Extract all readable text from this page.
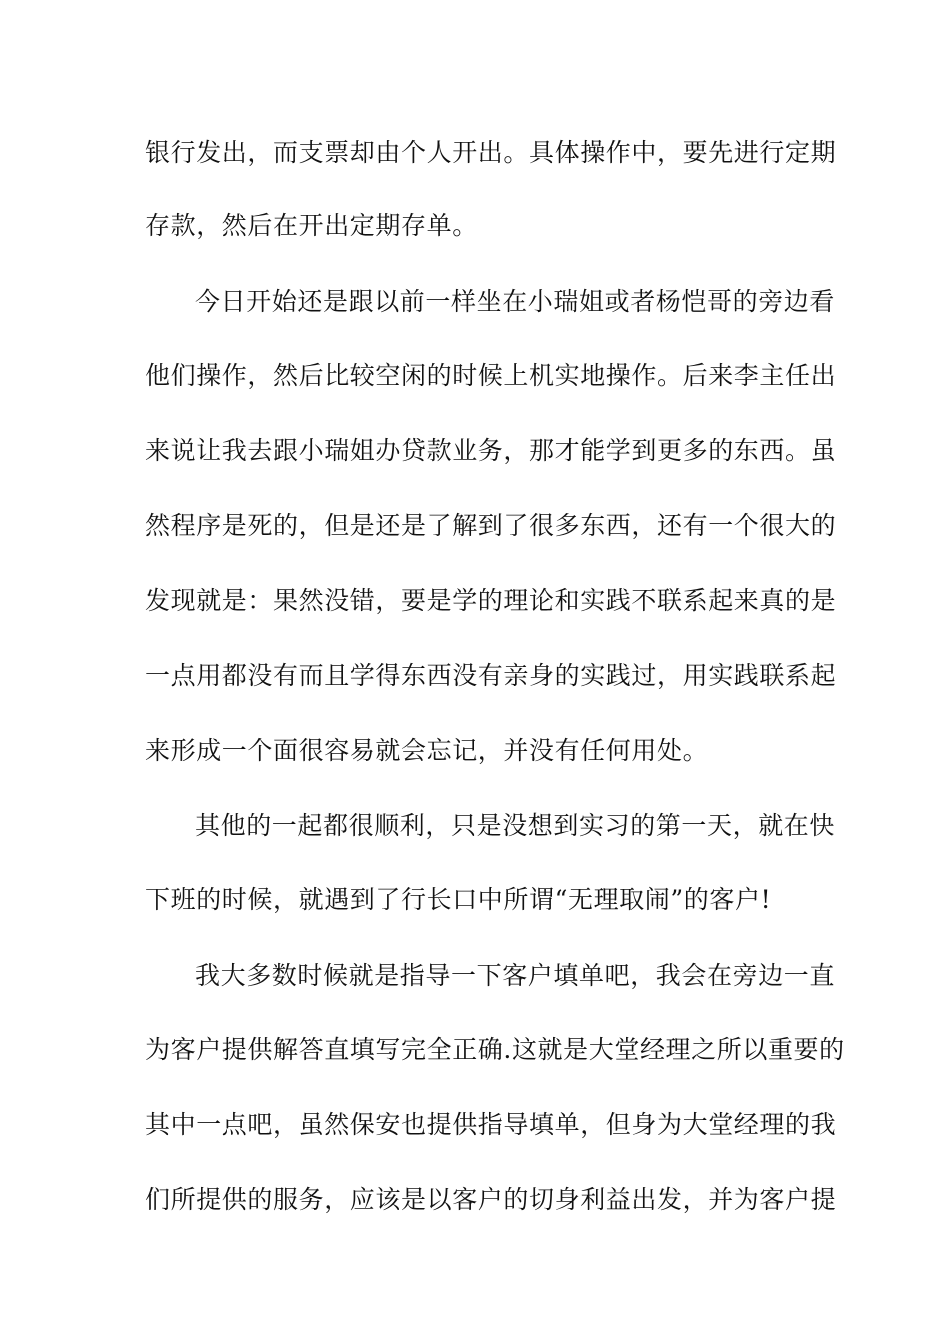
银行发出，而支票却由个人开出。具体操作中，要先进行定期
存款，然后在开出定期存单。
今日开始还是跟以前一样坐在小瑞姐或者杨恺哥的旁边看
他们操作，然后比较空闲的时候上机实地操作。后来李主任出
来说让我去跟小瑞姐办贷款业务，那才能学到更多的东西。虽
然程序是死的，但是还是了解到了很多东西，还有一个很大的
发现就是：果然没错，要是学的理论和实践不联系起来真的是
一点用都没有而且学得东西没有亲身的实践过，用实践联系起
来形成一个面很容易就会忘记，并没有任何用处。
其他的一起都很顺利，只是没想到实习的第一天，就在快
下班的时候，就遇到了行长口中所谓“无理取闹”的客户!
我大多数时候就是指导一下客户填单吧，我会在旁边一直
为客户提供解答直填写完全正确.这就是大堂经理之所以重要的
其中一点吧，虽然保安也提供指导填单，但身为大堂经理的我
们所提供的服务，应该是以客户的切身利益出发，并为客户提
